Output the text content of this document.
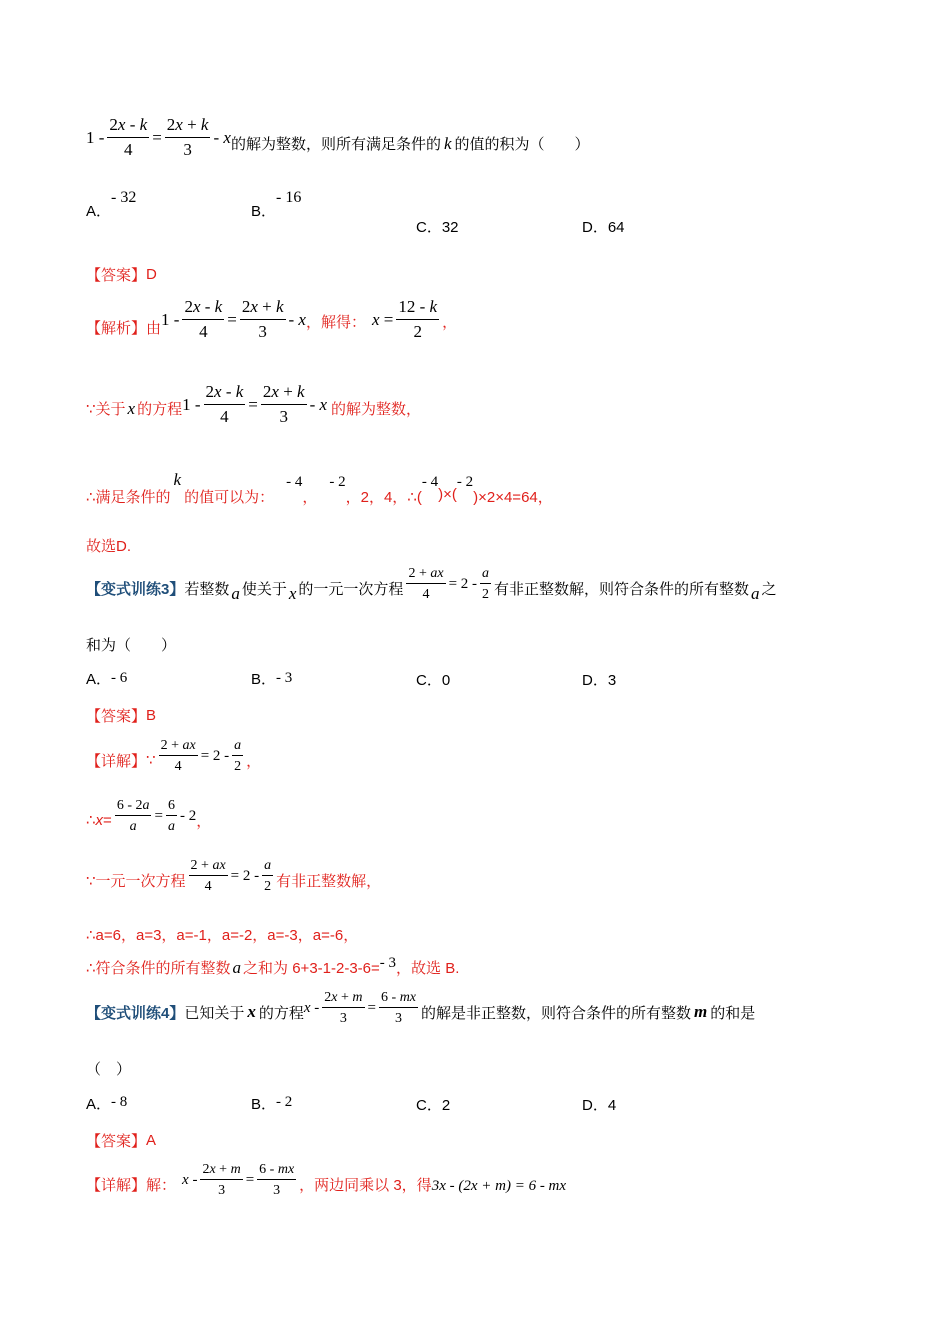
$1 - \frac{2x - k}{4} = \frac{2x + k}{3} - x$ 的解为整数，则所有满足条件的 k 的值的积为（　　）
A．- 32
B．- 16
C．32	D．64
【答案】 D
【解析】 由 $1 - \frac{2x - k}{4} = \frac{2x + k}{3} - x$ ，解得： $x = \frac{12 - k}{2}$ ，
∵关于 x 的方程 $1 - \frac{2x - k}{4} = \frac{2x + k}{3} - x$ 的解为整数，
∴满足条件的
k
的值可以为：
- 4
，
- 2
，2，4，∴(
- 4
)×(
- 2
)×2×4=64，
故选D.
【变式训练3】 若整数 a 使关于 x 的一元一次方程 $\frac{2 + ax}{4} = 2 - \frac{a}{2}$ 有非正整数解，则符合条件的所有整数 a 之
和为（　　）
A．- 6	B．- 3	C．0	D．3
【答案】 B
【详解】 ∵ $\frac{2 + ax}{4} = 2 - \frac{a}{2}$ ，
∴ $x= \frac{6 - 2a}{a} = \frac{6}{a} - 2$ ，
∵一元一次方程 $\frac{2 + ax}{4} = 2 - \frac{a}{2}$ 有非正整数解，
∴a=6，a=3，a=-1，a=-2，a=-3，a=-6，
∴符合条件的所有整数 a 之和为 6+3-1-2-3-6= - 3 ，故选 B.
【变式训练4】 已知关于 x 的方程 $x - \frac{2x + m}{3} = \frac{6 - mx}{3}$ 的解是非正整数，则符合条件的所有整数 m 的和是
（　）
A．- 8	B．- 2	C．2	D．4
【答案】 A
【详解】 解： $x - \frac{2x + m}{3} = \frac{6 - mx}{3}$ ，两边同乘以 3，得 3x - (2x + m) = 6 - mx
